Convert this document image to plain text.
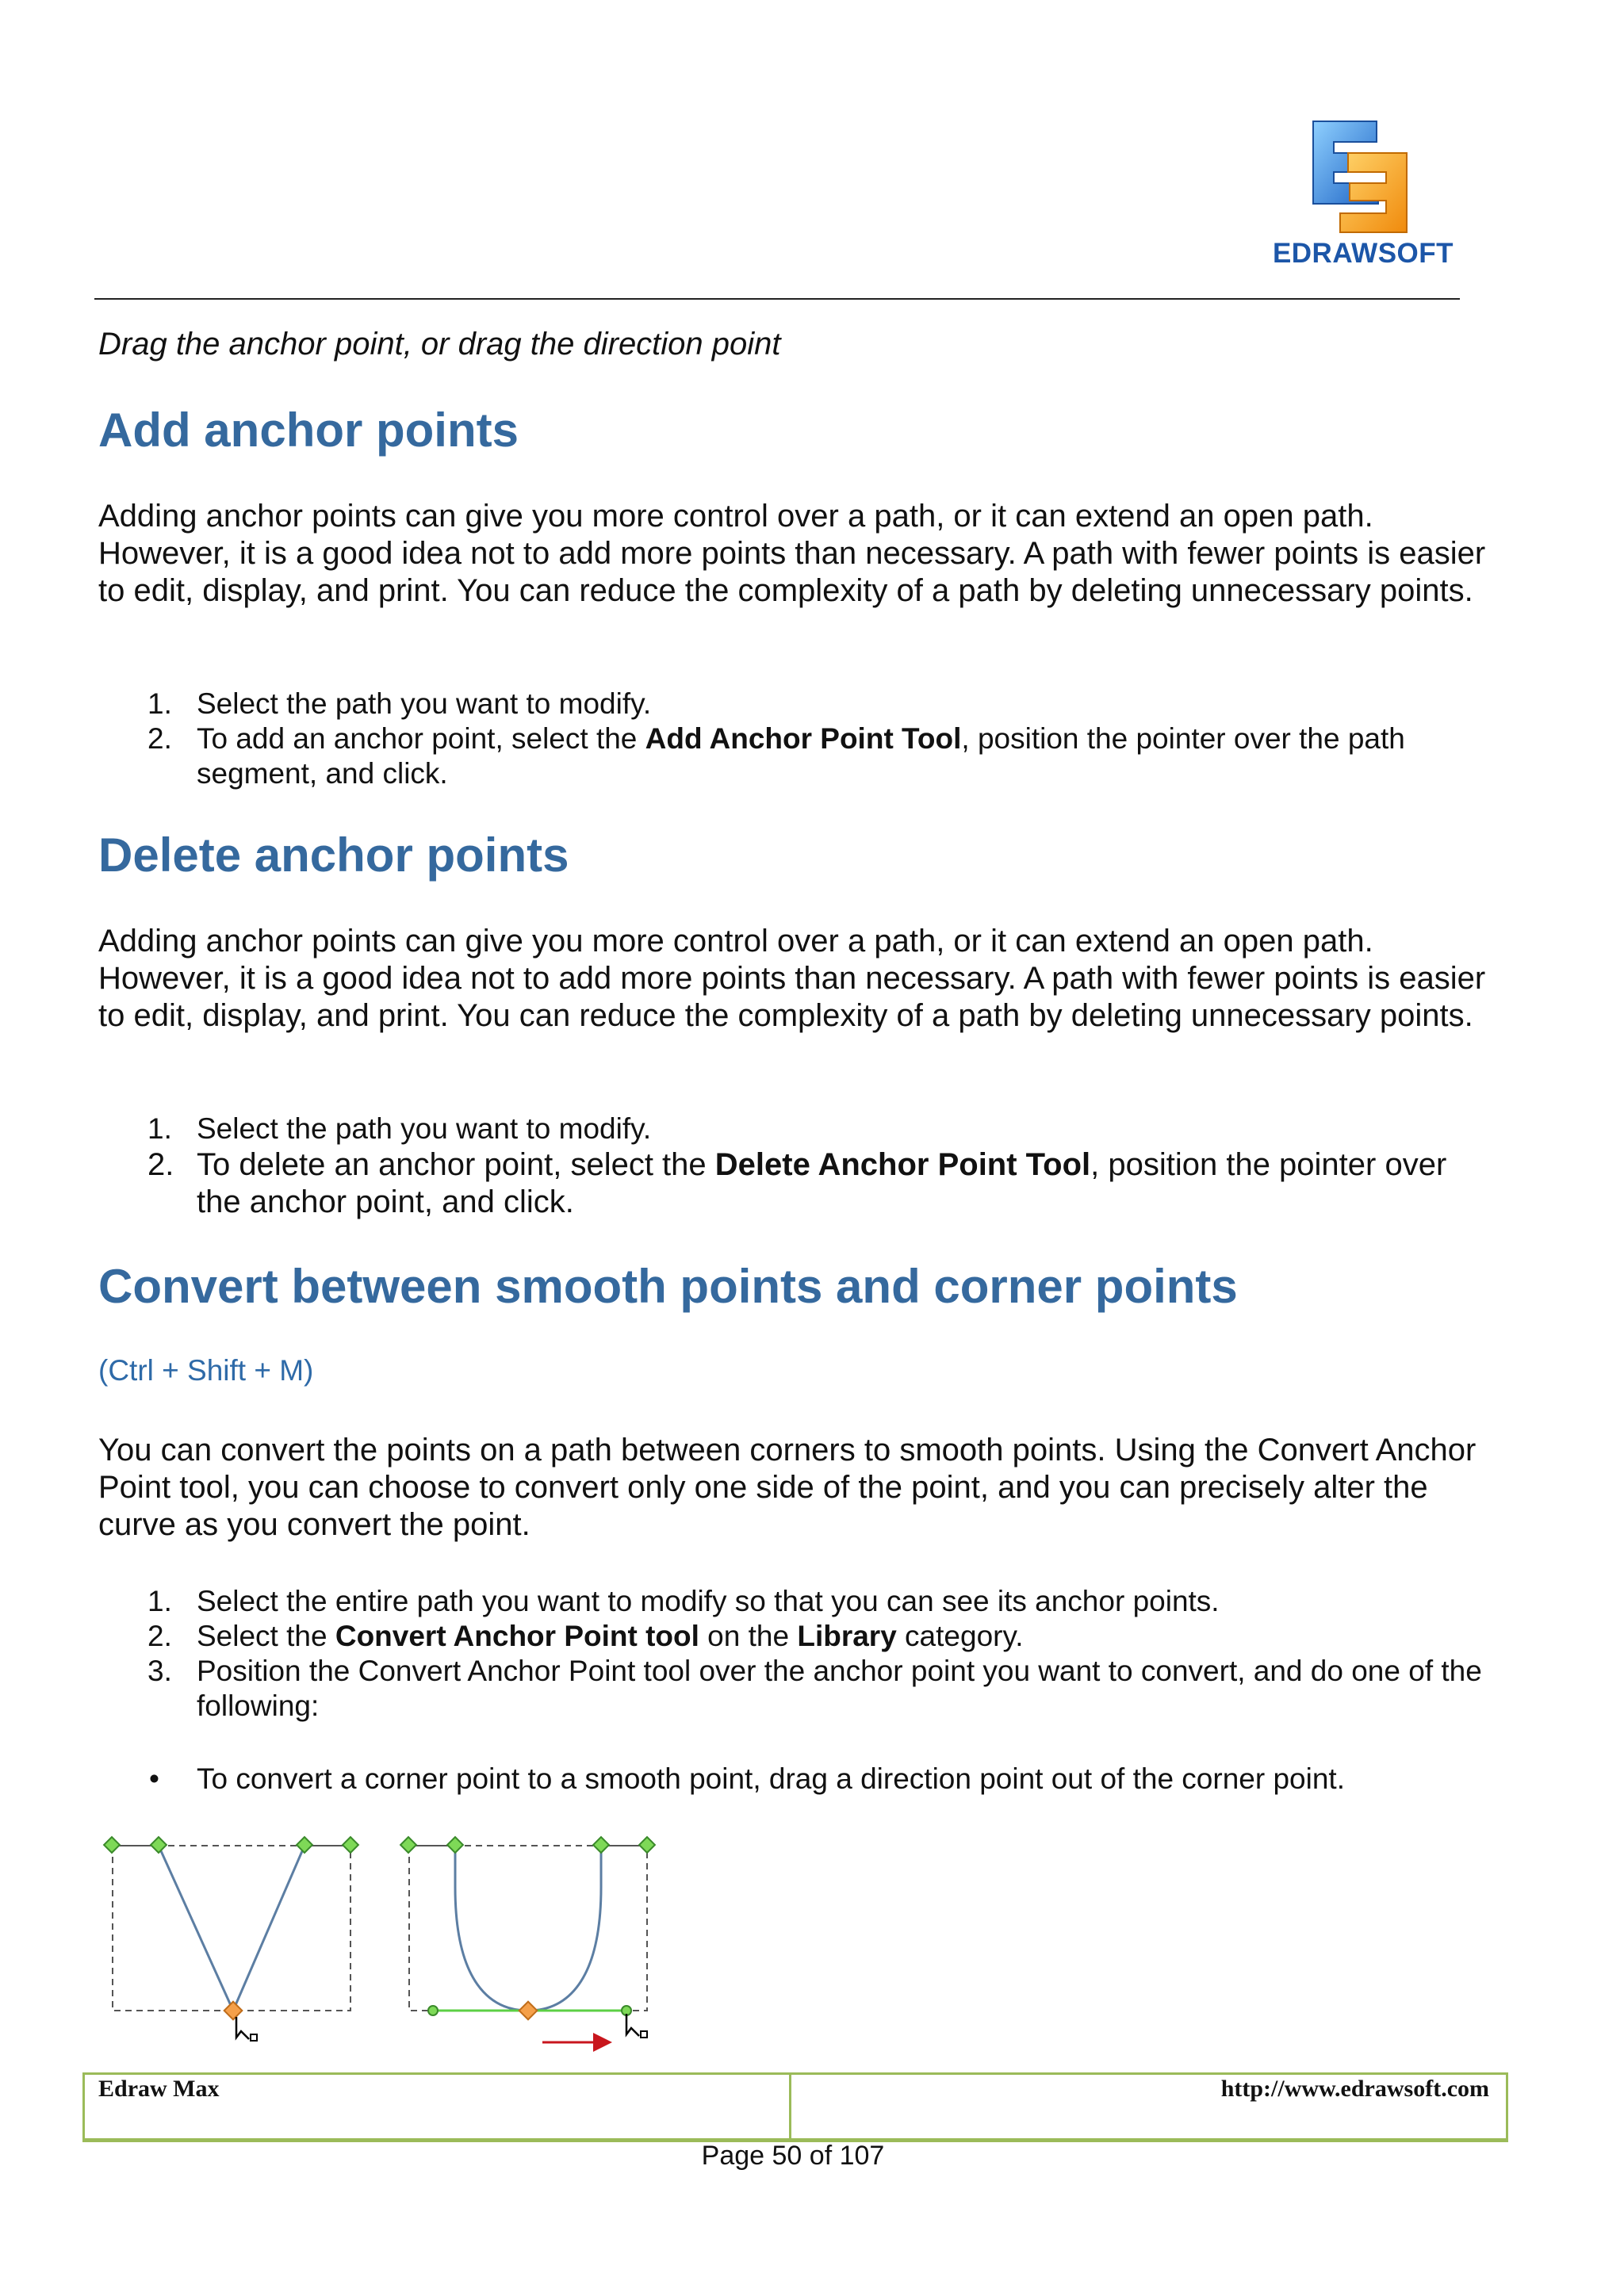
EDRAWSOFT
Drag the anchor point, or drag the direction point
Add anchor points
Adding anchor points can give you more control over a path, or it can extend an open path. However, it is a good idea not to add more points than necessary. A path with fewer points is easier to edit, display, and print. You can reduce the complexity of a path by deleting unnecessary points.
1. Select the path you want to modify.
2. To add an anchor point, select the Add Anchor Point Tool, position the pointer over the path segment, and click.
Delete anchor points
Adding anchor points can give you more control over a path, or it can extend an open path. However, it is a good idea not to add more points than necessary. A path with fewer points is easier to edit, display, and print. You can reduce the complexity of a path by deleting unnecessary points.
1. Select the path you want to modify.
2. To delete an anchor point, select the Delete Anchor Point Tool, position the pointer over the anchor point, and click.
Convert between smooth points and corner points
(Ctrl + Shift + M)
You can convert the points on a path between corners to smooth points. Using the Convert Anchor Point tool, you can choose to convert only one side of the point, and you can precisely alter the curve as you convert the point.
1. Select the entire path you want to modify so that you can see its anchor points.
2. Select the Convert Anchor Point tool on the Library category.
3. Position the Convert Anchor Point tool over the anchor point you want to convert, and do one of the following:
• To convert a corner point to a smooth point, drag a direction point out of the corner point.
Edraw Max	http://www.edrawsoft.com
Page 50 of 107
